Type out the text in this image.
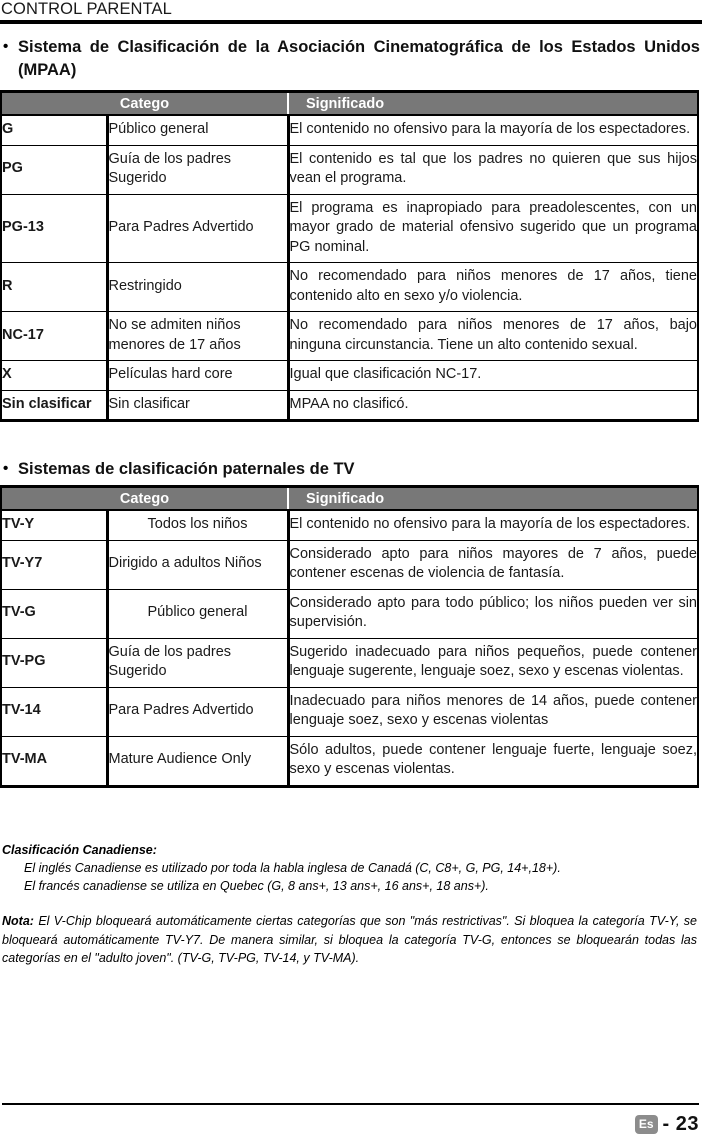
CONTROL PARENTAL
• Sistema de Clasificación de la Asociación Cinematográfica de los Estados Unidos (MPAA)
Catego		Significado
G	Público general	El contenido no ofensivo para la mayoría de los espectadores.
PG	Guía de los padres Sugerido	El contenido es tal que los padres no quieren que sus hijos vean el programa.
PG-13	Para Padres Advertido	El programa es inapropiado para preadolescentes, con un mayor grado de material ofensivo sugerido que un programa PG nominal.
R	Restringido	No recomendado para niños menores de 17 años, tiene contenido alto en sexo y/o violencia.
NC-17	No se admiten niños menores de 17 años	No recomendado para niños menores de 17 años, bajo ninguna circunstancia. Tiene un alto contenido sexual.
X	Películas hard core	Igual que clasificación NC-17.
Sin clasificar	Sin clasificar	MPAA no clasificó.
• Sistemas de clasificación paternales de TV
Catego		Significado
TV-Y	Todos los niños	El contenido no ofensivo para la mayoría de los espectadores.
TV-Y7	Dirigido a adultos Niños	Considerado apto para niños mayores de 7 años, puede contener escenas de violencia de fantasía.
TV-G	Público general	Considerado apto para todo público; los niños pueden ver sin supervisión.
TV-PG	Guía de los padres Sugerido	Sugerido inadecuado para niños pequeños, puede contener lenguaje sugerente, lenguaje soez, sexo y escenas violentas.
TV-14	Para Padres Advertido	Inadecuado para niños menores de 14 años, puede contener lenguaje soez, sexo y escenas violentas
TV-MA	Mature Audience Only	Sólo adultos, puede contener lenguaje fuerte, lenguaje soez, sexo y escenas violentas.
Clasificación Canadiense:
El inglés Canadiense es utilizado por toda la habla inglesa de Canadá (C, C8+, G, PG, 14+,18+).
El francés canadiense se utiliza en Quebec (G, 8 ans+, 13 ans+, 16 ans+, 18 ans+).
Nota: El V-Chip bloqueará automáticamente ciertas categorías que son "más restrictivas". Si bloquea la categoría TV-Y, se bloqueará automáticamente TV-Y7. De manera similar, si bloquea la categoría TV-G, entonces se bloquearán todas las categorías en el "adulto joven". (TV-G, TV-PG, TV-14, y TV-MA).
Es - 23
